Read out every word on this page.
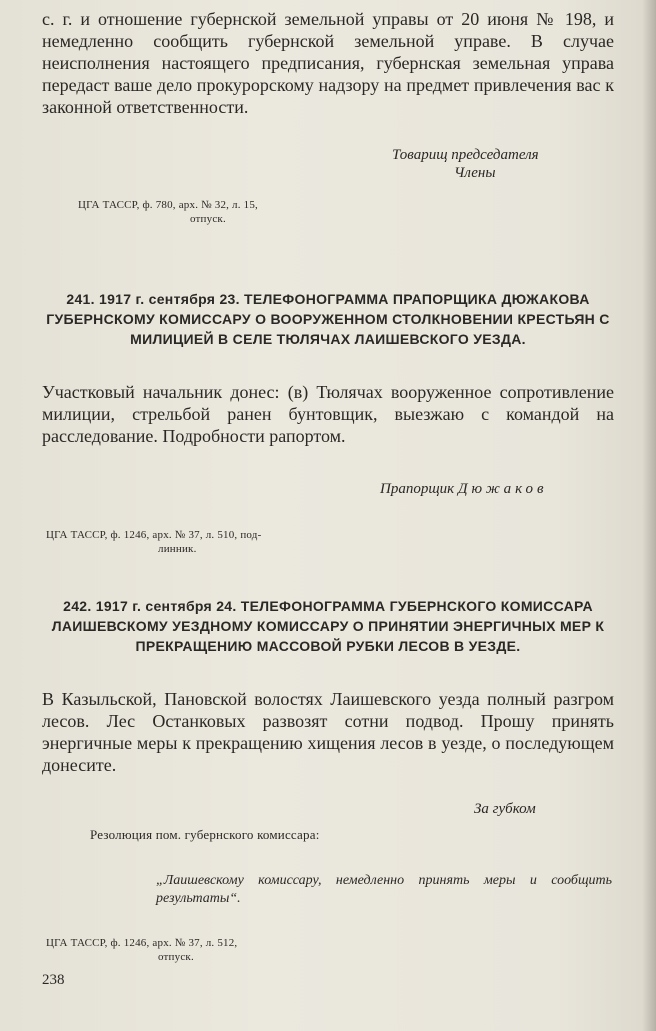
с. г. и отношение губернской земельной управы от 20 июня № 198, и немедленно сообщить губернской земельной управе. В случае неисполнения настоящего предписания, губернская земельная управа передаст ваше дело прокурорскому надзору на предмет привлечения вас к законной ответственности.

Товарищ председателя

Члены

ЦГА ТАССР, ф. 780, арх. № 32, л. 15,
отпуск.

241. 1917 г. сентября 23. ТЕЛЕФОНОГРАММА ПРАПОРЩИКА ДЮЖАКОВА ГУБЕРНСКОМУ КОМИССАРУ О ВООРУЖЕННОМ СТОЛКНОВЕНИИ КРЕСТЬЯН С МИЛИЦИЕЙ В СЕЛЕ ТЮЛЯЧАХ ЛАИШЕВСКОГО УЕЗДА.

Участковый начальник донес: (в) Тюлячах вооруженное сопротивление милиции, стрельбой ранен бунтовщик, выезжаю с командой на расследование. Подробности рапортом.

Прапорщик Дюжаков

ЦГА ТАССР, ф. 1246, арх. № 37, л. 510, под-
линник.

242. 1917 г. сентября 24. ТЕЛЕФОНОГРАММА ГУБЕРНСКОГО КОМИССАРА ЛАИШЕВСКОМУ УЕЗДНОМУ КОМИССАРУ О ПРИНЯТИИ ЭНЕРГИЧНЫХ МЕР К ПРЕКРАЩЕНИЮ МАССОВОЙ РУБКИ ЛЕСОВ В УЕЗДЕ.

В Казыльской, Пановской волостях Лаишевского уезда полный разгром лесов. Лес Останковых развозят сотни подвод. Прошу принять энергичные меры к прекращению хищения лесов в уезде, о последующем донесите.

За губком

Резолюция пом. губернского комиссара:

„Лаишевскому комиссару, немедленно принять меры и сообщить результаты“.

ЦГА ТАССР, ф. 1246, арх. № 37, л. 512,
отпуск.

238
